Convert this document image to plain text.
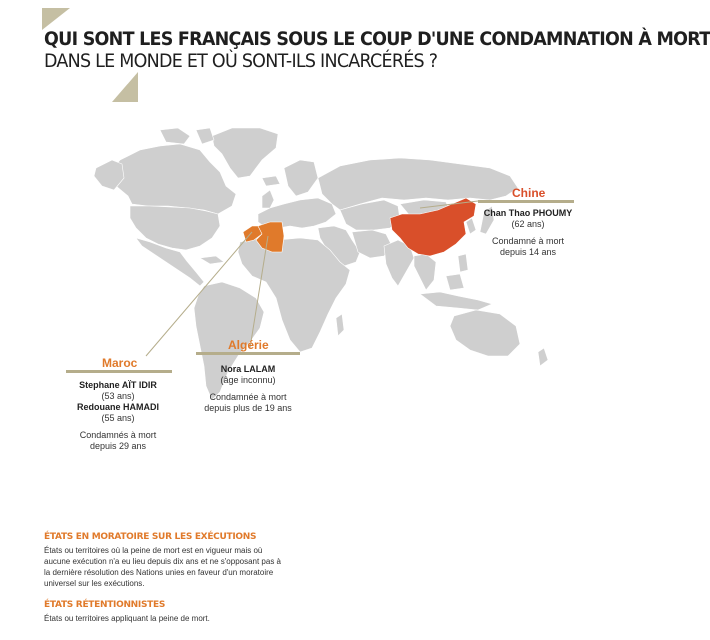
QUI SONT LES FRANÇAIS SOUS LE COUP D'UNE CONDAMNATION À MORT
DANS LE MONDE ET OÙ SONT-ILS INCARCÉRÉS ?
Chine
Chan Thao PHOUMY
(62 ans)
Condamné à mort
depuis 14 ans
Algérie
Nora LALAM
(âge inconnu)
Condamnée à mort
depuis plus de 19 ans
Maroc
Stephane AÏT IDIR
(53 ans)
Redouane HAMADI
(55 ans)
Condamnés à mort
depuis 29 ans
ÉTATS EN MORATOIRE SUR LES EXÉCUTIONS
États ou territoires où la peine de mort est en vigueur mais où aucune exécution n'a eu lieu depuis dix ans et ne s'opposant pas à la dernière résolution des Nations unies en faveur d'un moratoire universel sur les exécutions.
ÉTATS RÉTENTIONNISTES
États ou territoires appliquant la peine de mort.
